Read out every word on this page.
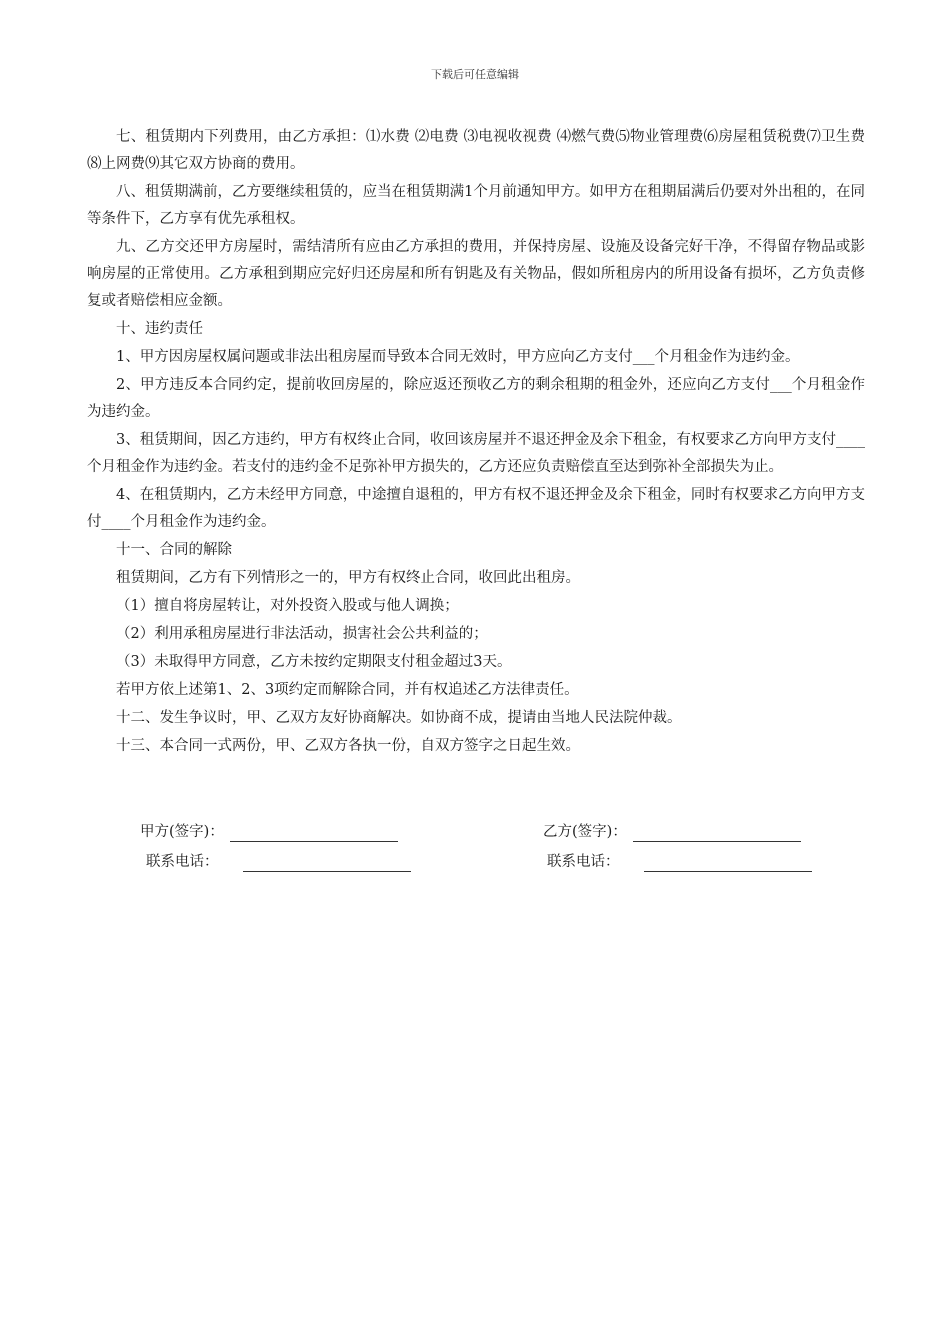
下载后可任意编辑

七、租赁期内下列费用，由乙方承担：⑴水费 ⑵电费 ⑶电视收视费 ⑷燃气费⑸物业管理费⑹房屋租赁税费⑺卫生费⑻上网费⑼其它双方协商的费用。

八、租赁期满前，乙方要继续租赁的，应当在租赁期满1个月前通知甲方。如甲方在租期届满后仍要对外出租的，在同等条件下，乙方享有优先承租权。

九、乙方交还甲方房屋时，需结清所有应由乙方承担的费用，并保持房屋、设施及设备完好干净，不得留存物品或影响房屋的正常使用。乙方承租到期应完好归还房屋和所有钥匙及有关物品，假如所租房内的所用设备有损坏，乙方负责修复或者赔偿相应金额。

十、违约责任

1、甲方因房屋权属问题或非法出租房屋而导致本合同无效时，甲方应向乙方支付___个月租金作为违约金。

2、甲方违反本合同约定，提前收回房屋的，除应返还预收乙方的剩余租期的租金外，还应向乙方支付___个月租金作为违约金。

3、租赁期间，因乙方违约，甲方有权终止合同，收回该房屋并不退还押金及余下租金，有权要求乙方向甲方支付____个月租金作为违约金。若支付的违约金不足弥补甲方损失的，乙方还应负责赔偿直至达到弥补全部损失为止。

4、在租赁期内，乙方未经甲方同意，中途擅自退租的，甲方有权不退还押金及余下租金，同时有权要求乙方向甲方支付____个月租金作为违约金。

十一、合同的解除

租赁期间，乙方有下列情形之一的，甲方有权终止合同，收回此出租房。

（1）擅自将房屋转让，对外投资入股或与他人调换；

（2）利用承租房屋进行非法活动，损害社会公共利益的；

（3）未取得甲方同意，乙方未按约定期限支付租金超过3天。

若甲方依上述第1、2、3项约定而解除合同，并有权追述乙方法律责任。

十二、发生争议时，甲、乙双方友好协商解决。如协商不成，提请由当地人民法院仲裁。

十三、本合同一式两份，甲、乙双方各执一份，自双方签字之日起生效。

甲方(签字)：
联系电话：
乙方(签字)：
联系电话：
